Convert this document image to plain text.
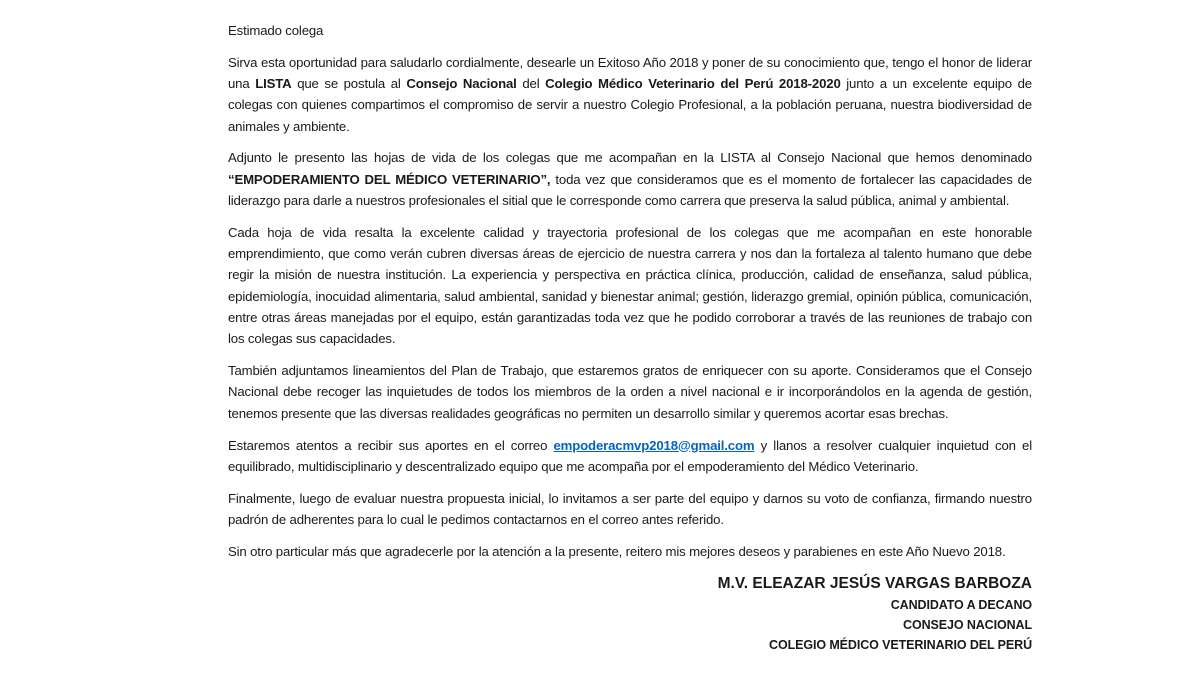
Estimado colega

Sirva esta oportunidad para saludarlo cordialmente, desearle un Exitoso Año 2018 y poner de su conocimiento que, tengo el honor de liderar una LISTA que se postula al Consejo Nacional del Colegio Médico Veterinario del Perú 2018-2020 junto a un excelente equipo de colegas con quienes compartimos el compromiso de servir a nuestro Colegio Profesional, a la población peruana, nuestra biodiversidad de animales y ambiente.

Adjunto le presento las hojas de vida de los colegas que me acompañan en la LISTA al Consejo Nacional que hemos denominado “EMPODERAMIENTO DEL MÉDICO VETERINARIO”, toda vez que consideramos que es el momento de fortalecer las capacidades de liderazgo para darle a nuestros profesionales el sitial que le corresponde como carrera que preserva la salud pública, animal y ambiental.

Cada hoja de vida resalta la excelente calidad y trayectoria profesional de los colegas que me acompañan en este honorable emprendimiento, que como verán cubren diversas áreas de ejercicio de nuestra carrera y nos dan la fortaleza al talento humano que debe regir la misión de nuestra institución. La experiencia y perspectiva en práctica clínica, producción, calidad de enseñanza, salud pública, epidemiología, inocuidad alimentaria, salud ambiental, sanidad y bienestar animal; gestión, liderazgo gremial, opinión pública, comunicación, entre otras áreas manejadas por el equipo, están garantizadas toda vez que he podido corroborar a través de las reuniones de trabajo con los colegas sus capacidades.

También adjuntamos lineamientos del Plan de Trabajo, que estaremos gratos de enriquecer con su aporte. Consideramos que el Consejo Nacional debe recoger las inquietudes de todos los miembros de la orden a nivel nacional e ir incorporándolos en la agenda de gestión, tenemos presente que las diversas realidades geográficas no permiten un desarrollo similar y queremos acortar esas brechas.

Estaremos atentos a recibir sus aportes en el correo empoderacmvp2018@gmail.com y llanos a resolver cualquier inquietud con el equilibrado, multidisciplinario y descentralizado equipo que me acompaña por el empoderamiento del Médico Veterinario.

Finalmente, luego de evaluar nuestra propuesta inicial, lo invitamos a ser parte del equipo y darnos su voto de confianza, firmando nuestro padrón de adherentes para lo cual le pedimos contactarnos en el correo antes referido.

Sin otro particular más que agradecerle por la atención a la presente, reitero mis mejores deseos y parabienes en este Año Nuevo 2018.

M.V. ELEAZAR JESÚS VARGAS BARBOZA
CANDIDATO A DECANO
CONSEJO NACIONAL
COLEGIO MÉDICO VETERINARIO DEL PERÚ
